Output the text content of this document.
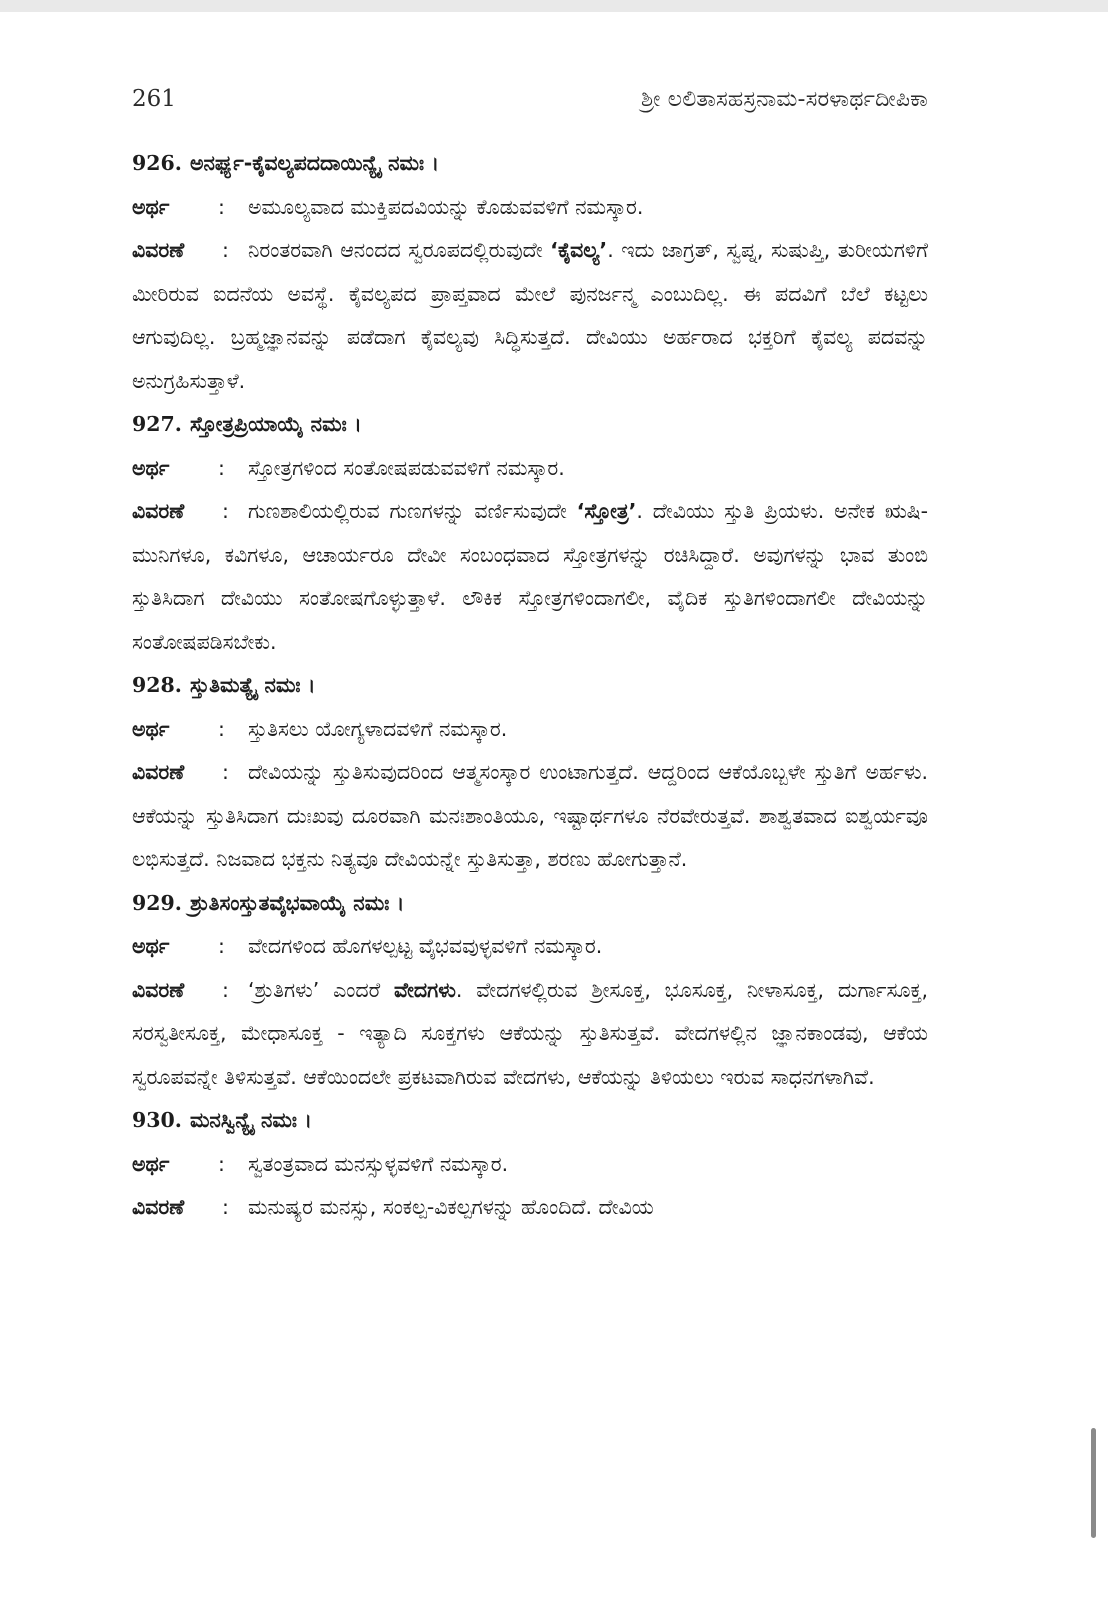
261	ಶ್ರೀ ಲಲಿತಾಸಹಸ್ರನಾಮ-ಸರಳಾರ್ಥದೀಪಿಕಾ
926. ಅನರ್ಘ್ಯ-ಕೈವಲ್ಯಪದದಾಯಿನ್ಯೈ ನಮಃ ।
ಅರ್ಥ	:	ಅಮೂಲ್ಯವಾದ ಮುಕ್ತಿಪದವಿಯನ್ನು ಕೊಡುವವಳಿಗೆ ನಮಸ್ಕಾರ.
ವಿವರಣೆ : ನಿರಂತರವಾಗಿ ಆನಂದದ ಸ್ವರೂಪದಲ್ಲಿರುವುದೇ ‘ಕೈವಲ್ಯ’. ಇದು ಜಾಗ್ರತ್, ಸ್ವಪ್ನ, ಸುಷುಪ್ತಿ, ತುರೀಯಗಳಿಗೆ ಮೀರಿರುವ ಐದನೆಯ ಅವಸ್ಥೆ. ಕೈವಲ್ಯಪದ ಪ್ರಾಪ್ತವಾದ ಮೇಲೆ ಪುನರ್ಜನ್ಮ ಎಂಬುದಿಲ್ಲ. ಈ ಪದವಿಗೆ ಬೆಲೆ ಕಟ್ಟಲು ಆಗುವುದಿಲ್ಲ. ಬ್ರಹ್ಮಜ್ಞಾನವನ್ನು ಪಡೆದಾಗ ಕೈವಲ್ಯವು ಸಿದ್ಧಿಸುತ್ತದೆ. ದೇವಿಯು ಅರ್ಹರಾದ ಭಕ್ತರಿಗೆ ಕೈವಲ್ಯ ಪದವನ್ನು ಅನುಗ್ರಹಿಸುತ್ತಾಳೆ.
927. ಸ್ತೋತ್ರಪ್ರಿಯಾಯೈ ನಮಃ ।
ಅರ್ಥ	:	ಸ್ತೋತ್ರಗಳಿಂದ ಸಂತೋಷಪಡುವವಳಿಗೆ ನಮಸ್ಕಾರ.
ವಿವರಣೆ : ಗುಣಶಾಲಿಯಲ್ಲಿರುವ ಗುಣಗಳನ್ನು ವರ್ಣಿಸುವುದೇ ‘ಸ್ತೋತ್ರ’. ದೇವಿಯು ಸ್ತುತಿ ಪ್ರಿಯಳು. ಅನೇಕ ಋಷಿ-ಮುನಿಗಳೂ, ಕವಿಗಳೂ, ಆಚಾರ್ಯರೂ ದೇವೀ ಸಂಬಂಧವಾದ ಸ್ತೋತ್ರಗಳನ್ನು ರಚಿಸಿದ್ದಾರೆ. ಅವುಗಳನ್ನು ಭಾವ ತುಂಬಿ ಸ್ತುತಿಸಿದಾಗ ದೇವಿಯು ಸಂತೋಷಗೊಳ್ಳುತ್ತಾಳೆ. ಲೌಕಿಕ ಸ್ತೋತ್ರಗಳಿಂದಾಗಲೀ, ವೈದಿಕ ಸ್ತುತಿಗಳಿಂದಾಗಲೀ ದೇವಿಯನ್ನು ಸಂತೋಷಪಡಿಸಬೇಕು.
928. ಸ್ತುತಿಮತ್ಯೈ ನಮಃ ।
ಅರ್ಥ	:	ಸ್ತುತಿಸಲು ಯೋಗ್ಯಳಾದವಳಿಗೆ ನಮಸ್ಕಾರ.
ವಿವರಣೆ : ದೇವಿಯನ್ನು ಸ್ತುತಿಸುವುದರಿಂದ ಆತ್ಮಸಂಸ್ಕಾರ ಉಂಟಾಗುತ್ತದೆ. ಆದ್ದರಿಂದ ಆಕೆಯೊಬ್ಬಳೇ ಸ್ತುತಿಗೆ ಅರ್ಹಳು. ಆಕೆಯನ್ನು ಸ್ತುತಿಸಿದಾಗ ದುಃಖವು ದೂರವಾಗಿ ಮನಃಶಾಂತಿಯೂ, ಇಷ್ಟಾರ್ಥಗಳೂ ನೆರವೇರುತ್ತವೆ. ಶಾಶ್ವತವಾದ ಐಶ್ವರ್ಯವೂ ಲಭಿಸುತ್ತದೆ. ನಿಜವಾದ ಭಕ್ತನು ನಿತ್ಯವೂ ದೇವಿಯನ್ನೇ ಸ್ತುತಿಸುತ್ತಾ, ಶರಣು ಹೋಗುತ್ತಾನೆ.
929. ಶ್ರುತಿಸಂಸ್ತುತವೈಭವಾಯೈ ನಮಃ ।
ಅರ್ಥ	:	ವೇದಗಳಿಂದ ಹೊಗಳಲ್ಪಟ್ಟ ವೈಭವವುಳ್ಳವಳಿಗೆ ನಮಸ್ಕಾರ.
ವಿವರಣೆ : ‘ಶ್ರುತಿಗಳು’ ಎಂದರೆ ವೇದಗಳು. ವೇದಗಳಲ್ಲಿರುವ ಶ್ರೀಸೂಕ್ತ, ಭೂಸೂಕ್ತ, ನೀಳಾಸೂಕ್ತ, ದುರ್ಗಾಸೂಕ್ತ, ಸರಸ್ವತೀಸೂಕ್ತ, ಮೇಧಾಸೂಕ್ತ - ಇತ್ಯಾದಿ ಸೂಕ್ತಗಳು ಆಕೆಯನ್ನು ಸ್ತುತಿಸುತ್ತವೆ. ವೇದಗಳಲ್ಲಿನ ಜ್ಞಾನಕಾಂಡವು, ಆಕೆಯ ಸ್ವರೂಪವನ್ನೇ ತಿಳಿಸುತ್ತವೆ. ಆಕೆಯಿಂದಲೇ ಪ್ರಕಟವಾಗಿರುವ ವೇದಗಳು, ಆಕೆಯನ್ನು ತಿಳಿಯಲು ಇರುವ ಸಾಧನಗಳಾಗಿವೆ.
930. ಮನಸ್ವಿನ್ಯೈ ನಮಃ ।
ಅರ್ಥ	:	ಸ್ವತಂತ್ರವಾದ ಮನಸ್ಸುಳ್ಳವಳಿಗೆ ನಮಸ್ಕಾರ.
ವಿವರಣೆ : ಮನುಷ್ಯರ ಮನಸ್ಸು, ಸಂಕಲ್ಪ-ವಿಕಲ್ಪಗಳನ್ನು ಹೊಂದಿದೆ. ದೇವಿಯ
